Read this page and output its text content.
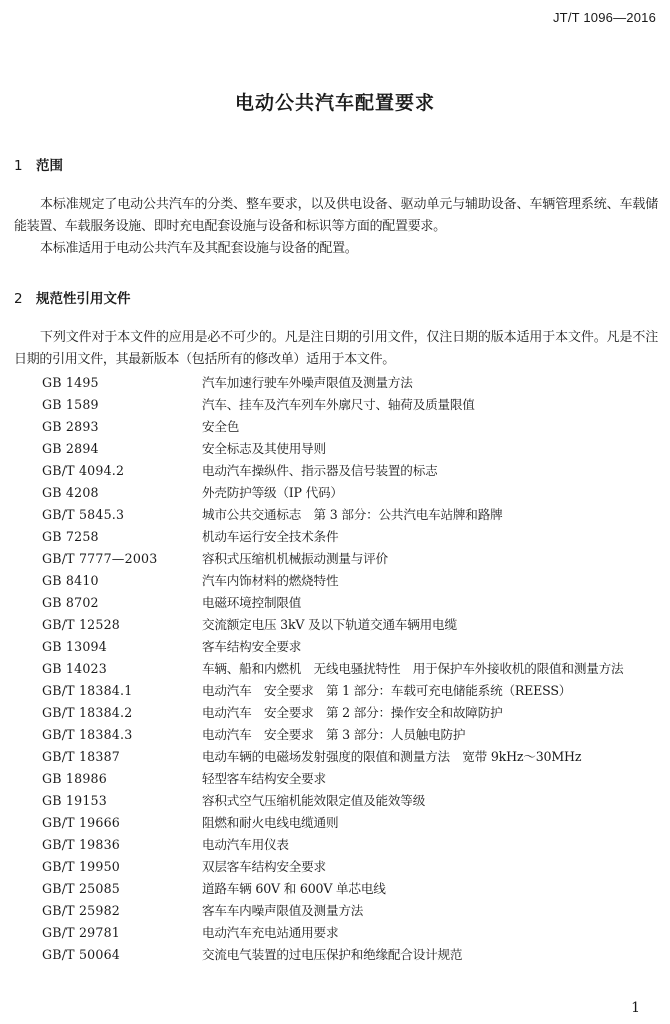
JT/T 1096—2016
电动公共汽车配置要求
1 范围
本标准规定了电动公共汽车的分类、整车要求，以及供电设备、驱动单元与辅助设备、车辆管理系统、车载储能装置、车载服务设施、即时充电配套设施与设备和标识等方面的配置要求。
本标准适用于电动公共汽车及其配套设施与设备的配置。
2 规范性引用文件
下列文件对于本文件的应用是必不可少的。凡是注日期的引用文件，仅注日期的版本适用于本文件。凡是不注日期的引用文件，其最新版本（包括所有的修改单）适用于本文件。
GB 1495	汽车加速行驶车外噪声限值及测量方法
GB 1589	汽车、挂车及汽车列车外廓尺寸、轴荷及质量限值
GB 2893	安全色
GB 2894	安全标志及其使用导则
GB/T 4094.2	电动汽车操纵件、指示器及信号装置的标志
GB 4208	外壳防护等级（IP 代码）
GB/T 5845.3	城市公共交通标志　第 3 部分：公共汽电车站牌和路牌
GB 7258	机动车运行安全技术条件
GB/T 7777—2003	容积式压缩机机械振动测量与评价
GB 8410	汽车内饰材料的燃烧特性
GB 8702	电磁环境控制限值
GB/T 12528	交流额定电压 3kV 及以下轨道交通车辆用电缆
GB 13094	客车结构安全要求
GB 14023	车辆、船和内燃机　无线电骚扰特性　用于保护车外接收机的限值和测量方法
GB/T 18384.1	电动汽车　安全要求　第 1 部分：车载可充电储能系统（REESS）
GB/T 18384.2	电动汽车　安全要求　第 2 部分：操作安全和故障防护
GB/T 18384.3	电动汽车　安全要求　第 3 部分：人员触电防护
GB/T 18387	电动车辆的电磁场发射强度的限值和测量方法　宽带 9kHz～30MHz
GB 18986	轻型客车结构安全要求
GB 19153	容积式空气压缩机能效限定值及能效等级
GB/T 19666	阻燃和耐火电线电缆通则
GB/T 19836	电动汽车用仪表
GB/T 19950	双层客车结构安全要求
GB/T 25085	道路车辆 60V 和 600V 单芯电线
GB/T 25982	客车车内噪声限值及测量方法
GB/T 29781	电动汽车充电站通用要求
GB/T 50064	交流电气装置的过电压保护和绝缘配合设计规范
1
